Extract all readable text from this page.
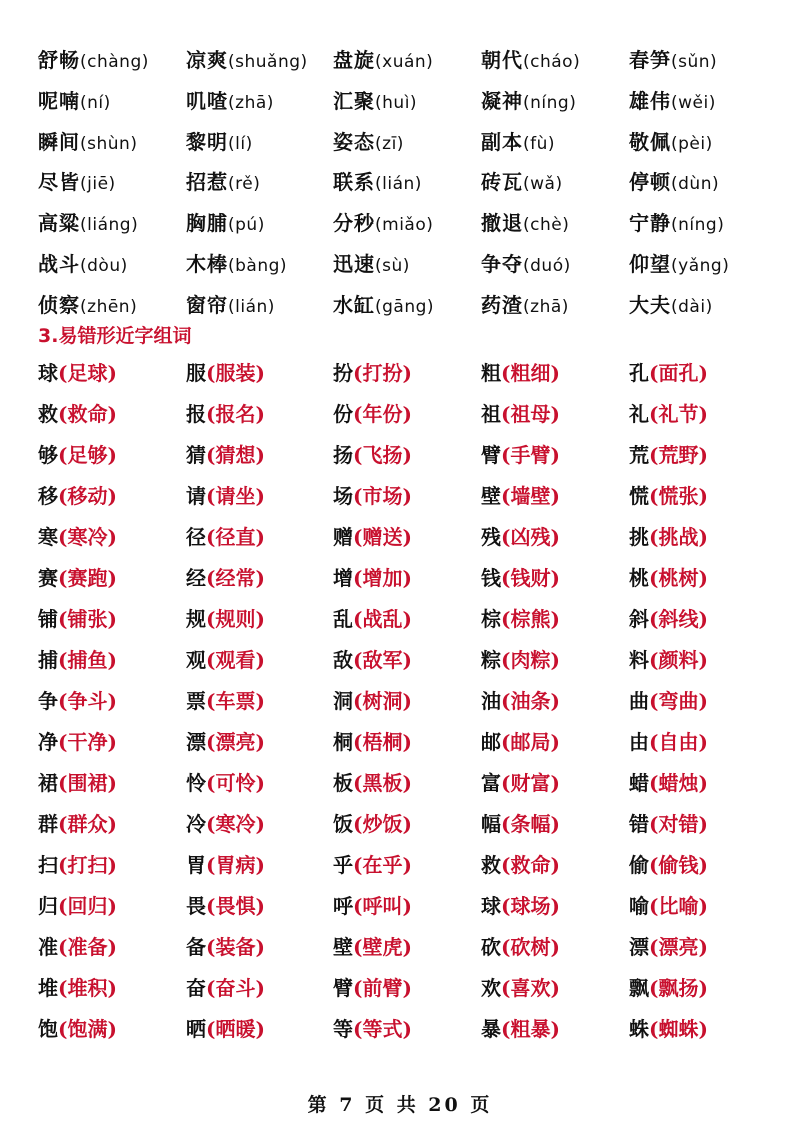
舒畅(chàng) 凉爽(shuǎng) 盘旋(xuán) 朝代(cháo) 春笋(sǔn)
呢喃(ní)	叽喳(zhā)	汇聚(huì)	凝神(níng)	雄伟(wěi)
瞬间(shùn) 黎明(lí)	姿态(zī)	副本(fù)	敬佩(pèi)
尽皆(jiē)	招惹(rě)	联系(lián)	砖瓦(wǎ)	停顿(dùn)
高粱(liáng) 胸脯(pú)	分秒(miǎo) 撤退(chè)	宁静(níng)
战斗(dòu)	木棒(bàng) 迅速(sù)	争夺(duó)	仰望(yǎng)
侦察(zhēn) 窗帘(lián)	水缸(gāng) 药渣(zhā)	大夫(dài)
3.易错形近字组词
球(足球)	服(服装)	扮(打扮)	粗(粗细)	孔(面孔)
救(救命)	报(报名)	份(年份)	祖(祖母)	礼(礼节)
够(足够)	猜(猜想)	扬(飞扬)	臂(手臂)	荒(荒野)
移(移动)	请(请坐)	场(市场)	壁(墙壁)	慌(慌张)
寒(寒冷)	径(径直)	赠(赠送)	残(凶残)	挑(挑战)
赛(赛跑)	经(经常)	增(增加)	钱(钱财)	桃(桃树)
铺(铺张)	规(规则)	乱(战乱)	棕(棕熊)	斜(斜线)
捕(捕鱼)	观(观看)	敌(敌军)	粽(肉粽)	料(颜料)
争(争斗)	票(车票)	洞(树洞)	油(油条)	曲(弯曲)
净(干净)	漂(漂亮)	桐(梧桐)	邮(邮局)	由(自由)
裙(围裙)	怜(可怜)	板(黑板)	富(财富)	蜡(蜡烛)
群(群众)	冷(寒冷)	饭(炒饭)	幅(条幅)	错(对错)
扫(打扫)	胃(胃病)	乎(在乎)	救(救命)	偷(偷钱)
归(回归)	畏(畏惧)	呼(呼叫)	球(球场)	喻(比喻)
准(准备)	备(装备)	壁(壁虎)	砍(砍树)	漂(漂亮)
堆(堆积)	奋(奋斗)	臂(前臂)	欢(喜欢)	飘(飘扬)
饱(饱满)	晒(晒暖)	等(等式)	暴(粗暴)	蛛(蜘蛛)
第 7 页 共 20 页
